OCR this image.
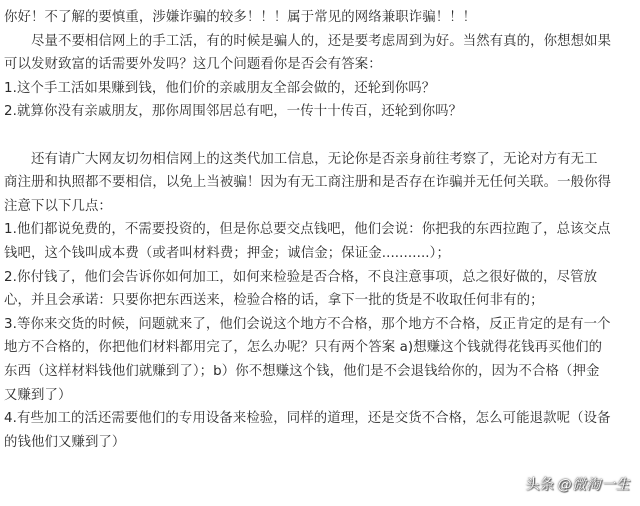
你好！不了解的要慎重，涉嫌诈骗的较多！！！属于常见的网络兼职诈骗！！！
尽量不要相信网上的手工活，有的时候是骗人的，还是要考虑周到为好。当然有真的，你想想如果
可以发财致富的话需要外发吗？这几个问题看你是否会有答案：
1.这个手工活如果赚到钱，他们价的亲戚朋友全部会做的，还轮到你吗？
2.就算你没有亲戚朋友，那你周围邻居总有吧，一传十十传百，还轮到你吗？
还有请广大网友切勿相信网上的这类代加工信息，无论你是否亲身前往考察了，无论对方有无工
商注册和执照都不要相信，以免上当被骗！因为有无工商注册和是否存在诈骗并无任何关联。一般你得
注意下以下几点：
1.他们都说免费的，不需要投资的，但是你总要交点钱吧，他们会说：你把我的东西拉跑了，总该交点
钱吧，这个钱叫成本费（或者叫材料费；押金；诚信金；保证金...........）；
2.你付钱了，他们会告诉你如何加工，如何来检验是否合格，不良注意事项，总之很好做的，尽管放
心，并且会承诺：只要你把东西送来，检验合格的话，拿下一批的货是不收取任何非有的；
3.等你来交货的时候，问题就来了，他们会说这个地方不合格，那个地方不合格，反正肯定的是有一个
地方不合格的，你把他们材料都用完了，怎么办呢？只有两个答案 a)想赚这个钱就得花钱再买他们的
东西（这样材料钱他们就赚到了）；b）你不想赚这个钱，他们是不会退钱给你的，因为不合格（押金
又赚到了）
4.有些加工的活还需要他们的专用设备来检验，同样的道理，还是交货不合格，怎么可能退款呢（设备
的钱他们又赚到了）
头条 @微淘一生
